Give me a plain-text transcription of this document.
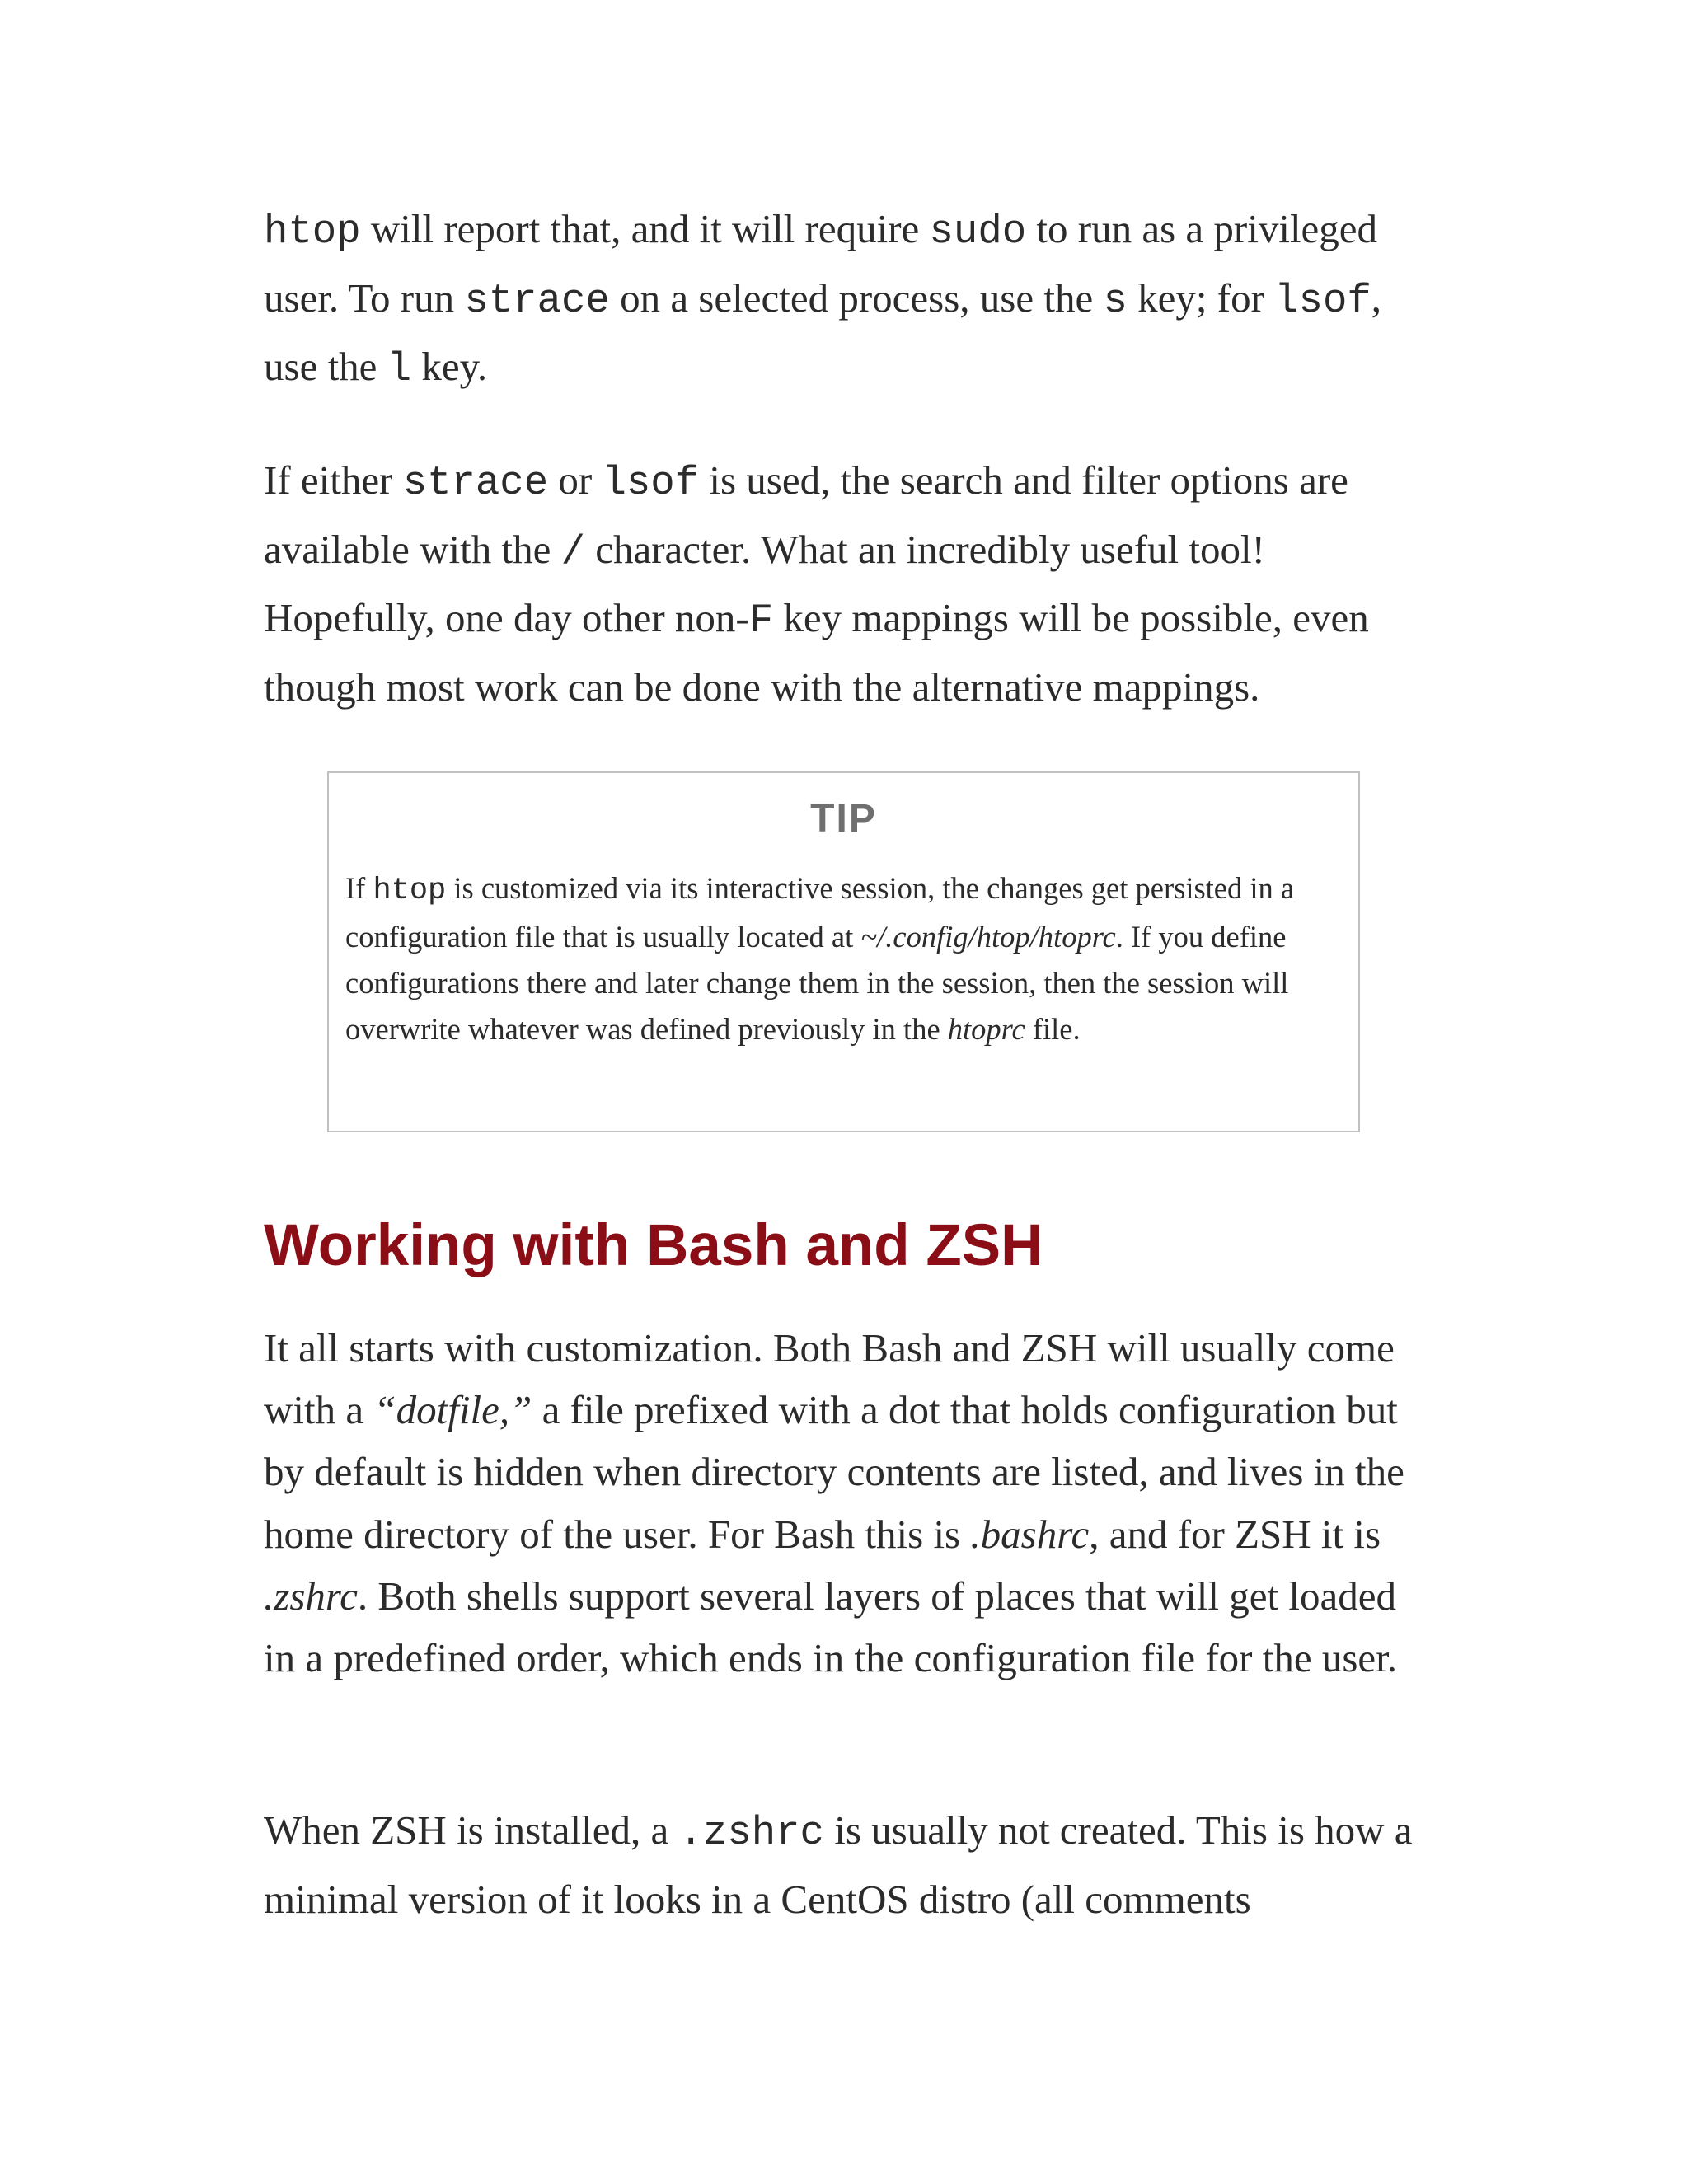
htop will report that, and it will require sudo to run as a privileged user. To run strace on a selected process, use the s key; for lsof, use the l key.

If either strace or lsof is used, the search and filter options are available with the / character. What an incredibly useful tool! Hopefully, one day other non-F key mappings will be possible, even though most work can be done with the alternative mappings.

TIP

If htop is customized via its interactive session, the changes get persisted in a configuration file that is usually located at ~/.config/htop/htoprc. If you define configurations there and later change them in the session, then the session will overwrite whatever was defined previously in the htoprc file.

Working with Bash and ZSH

It all starts with customization. Both Bash and ZSH will usually come with a “dotfile,” a file prefixed with a dot that holds configuration but by default is hidden when directory contents are listed, and lives in the home directory of the user. For Bash this is .bashrc, and for ZSH it is .zshrc. Both shells support several layers of places that will get loaded in a predefined order, which ends in the configuration file for the user.

When ZSH is installed, a .zshrc is usually not created. This is how a minimal version of it looks in a CentOS distro (all comments
